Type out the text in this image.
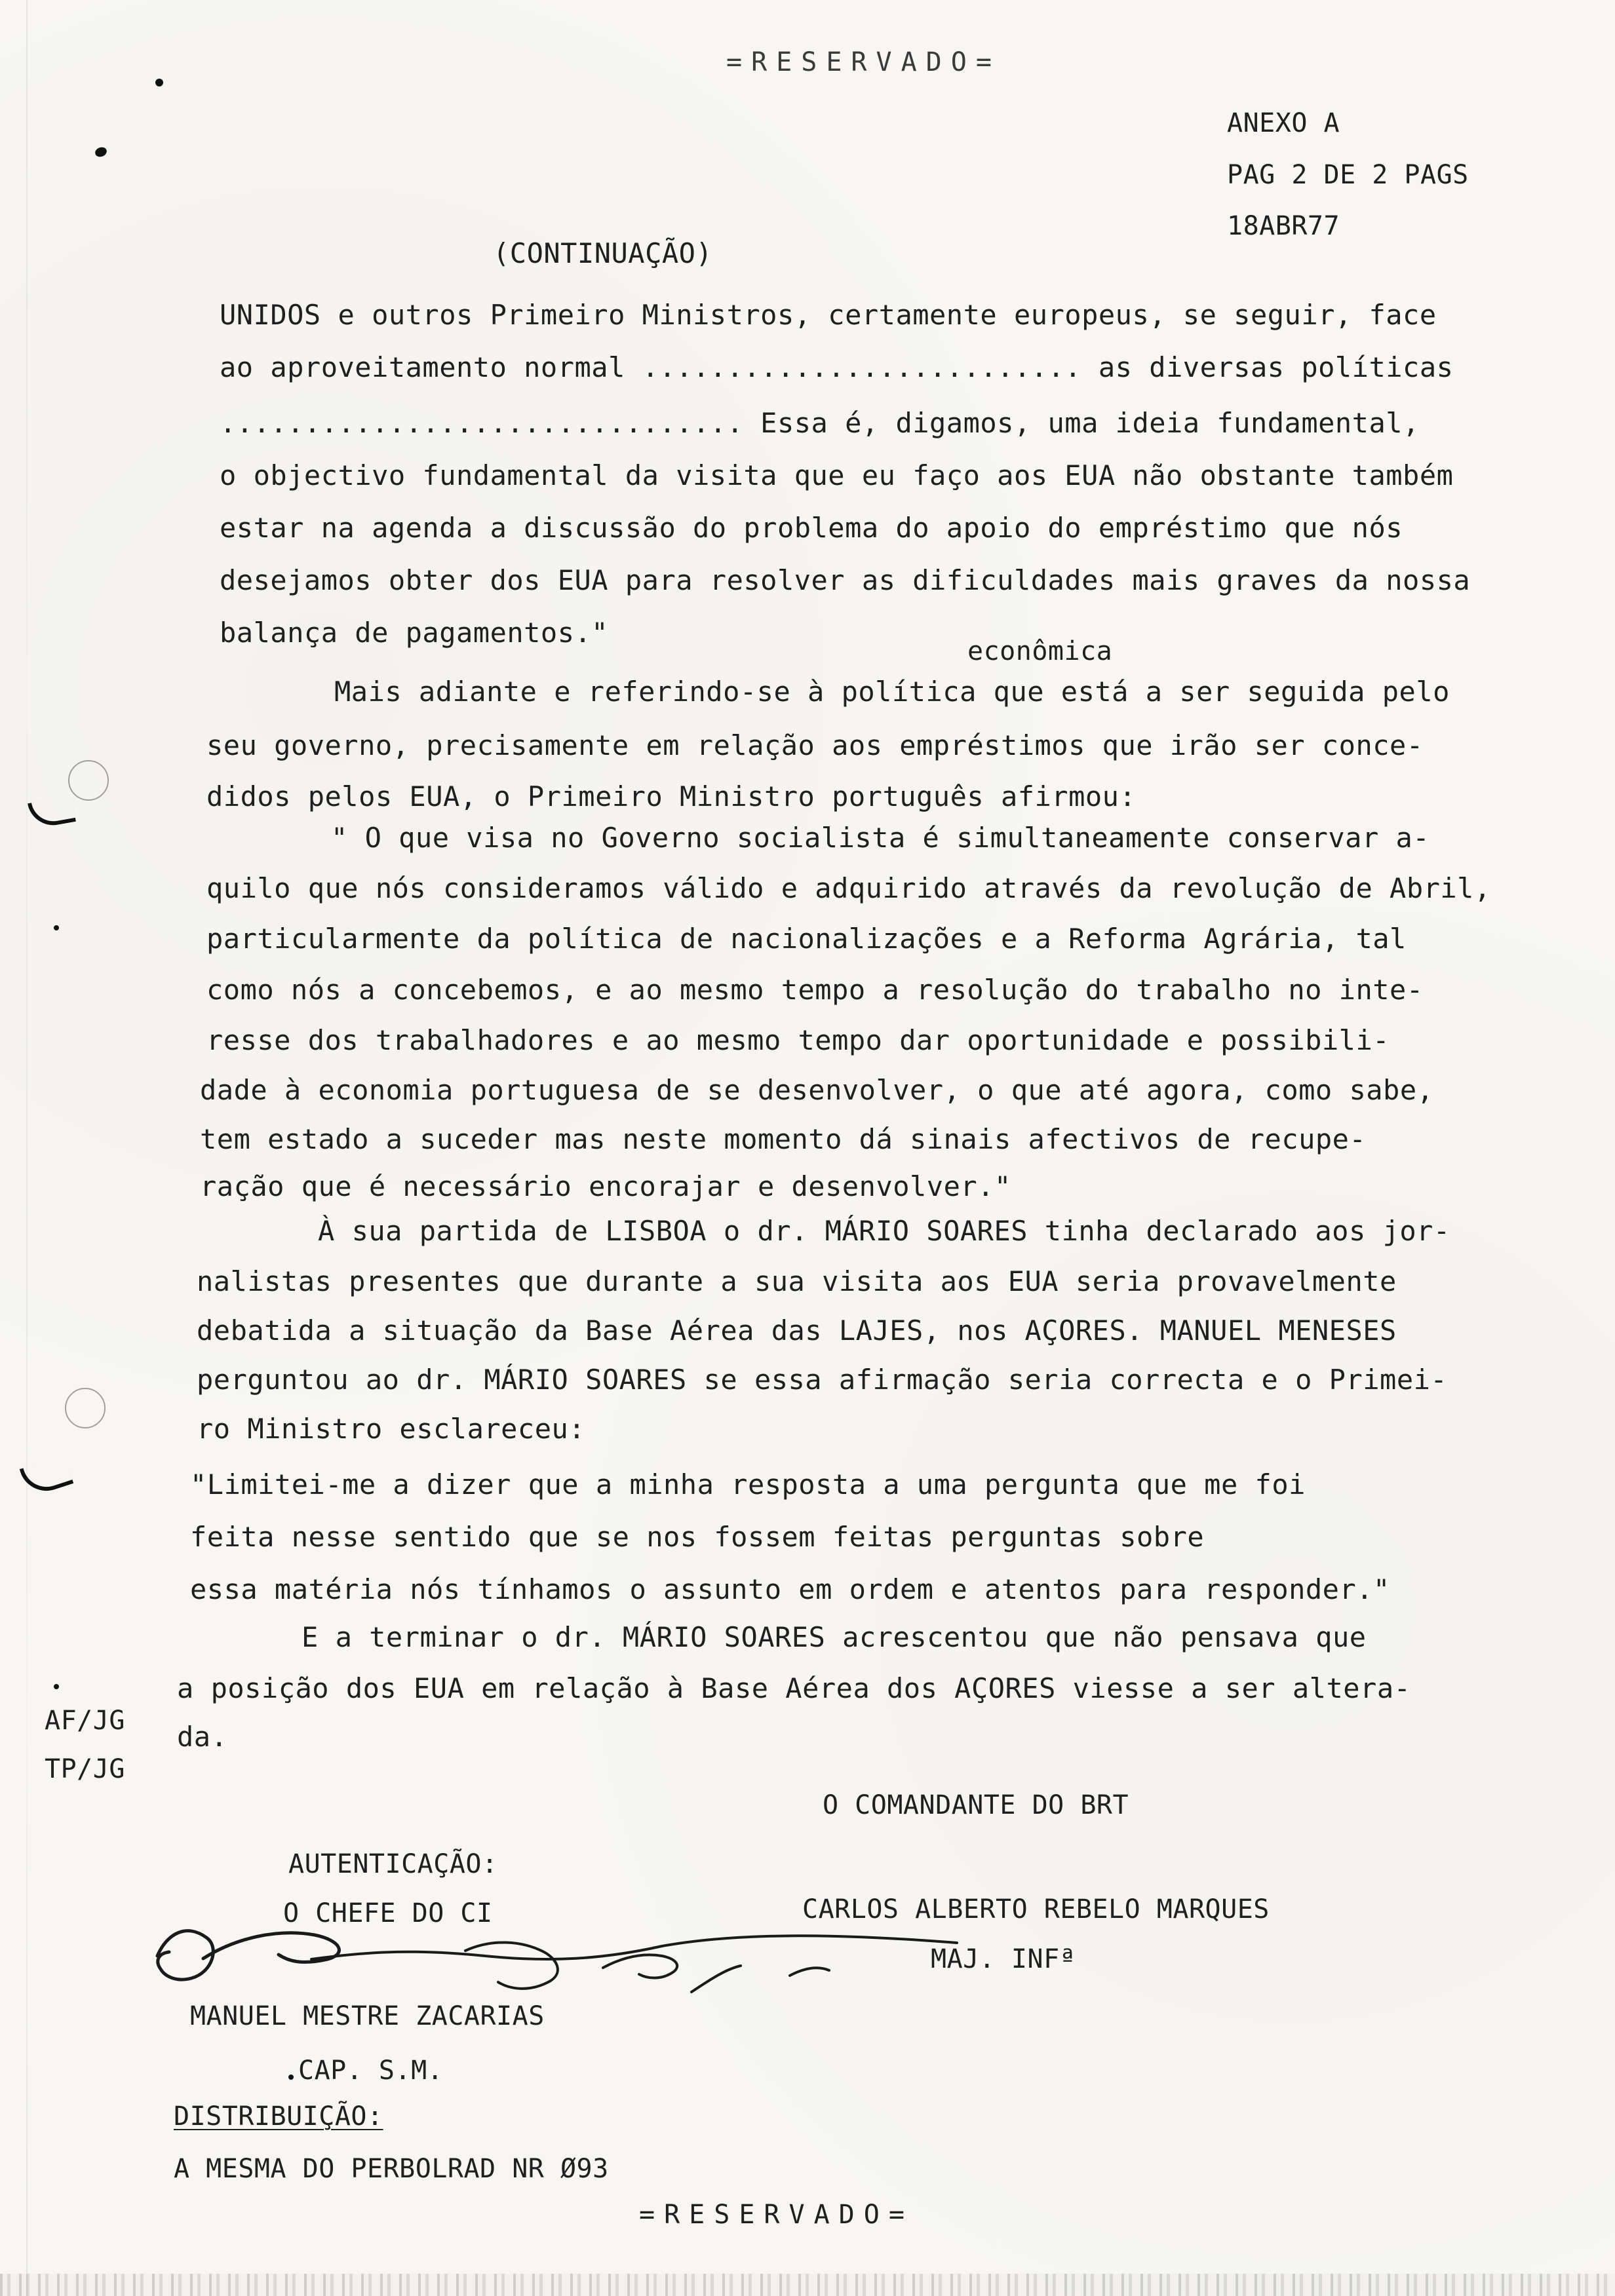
=RESERVADO=
ANEXO A
PAG 2 DE 2 PAGS
18ABR77
(CONTINUAÇÃO)
UNIDOS e outros Primeiro Ministros, certamente europeus, se seguir, face
ao aproveitamento normal .......................... as diversas políticas
............................... Essa é, digamos, uma ideia fundamental,
o objectivo fundamental da visita que eu faço aos EUA não obstante também
estar na agenda a discussão do problema do apoio do empréstimo que nós
desejamos obter dos EUA para resolver as dificuldades mais graves da nossa
balança de pagamentos."
econômica
Mais adiante e referindo-se à política que está a ser seguida pelo
seu governo, precisamente em relação aos empréstimos que irão ser conce-
didos pelos EUA, o Primeiro Ministro português afirmou:
" O que visa no Governo socialista é simultaneamente conservar a-
quilo que nós consideramos válido e adquirido através da revolução de Abril,
particularmente da política de nacionalizações e a Reforma Agrária, tal
como nós a concebemos, e ao mesmo tempo a resolução do trabalho no inte-
resse dos trabalhadores e ao mesmo tempo dar oportunidade e possibili-
dade à economia portuguesa de se desenvolver, o que até agora, como sabe,
tem estado a suceder mas neste momento dá sinais afectivos de recupe-
ração que é necessário encorajar e desenvolver."
À sua partida de LISBOA o dr. MÁRIO SOARES tinha declarado aos jor-
nalistas presentes que durante a sua visita aos EUA seria provavelmente
debatida a situação da Base Aérea das LAJES, nos AÇORES. MANUEL MENESES
perguntou ao dr. MÁRIO SOARES se essa afirmação seria correcta e o Primei-
ro Ministro esclareceu:
"Limitei-me a dizer que a minha resposta a uma pergunta que me foi
feita nesse sentido que se nos fossem feitas perguntas sobre
essa matéria nós tínhamos o assunto em ordem e atentos para responder."
E a terminar o dr. MÁRIO SOARES acrescentou que não pensava que
a posição dos EUA em relação à Base Aérea dos AÇORES viesse a ser altera-
da.
AF/JG
TP/JG
O COMANDANTE DO BRT
AUTENTICAÇÃO:
O CHEFE DO CI	CARLOS ALBERTO REBELO MARQUES
MAJ. INFª
MANUEL MESTRE ZACARIAS
CAP. S.M.
DISTRIBUIÇÃO:
A MESMA DO PERBOLRAD NR Ø93
=RESERVADO=
